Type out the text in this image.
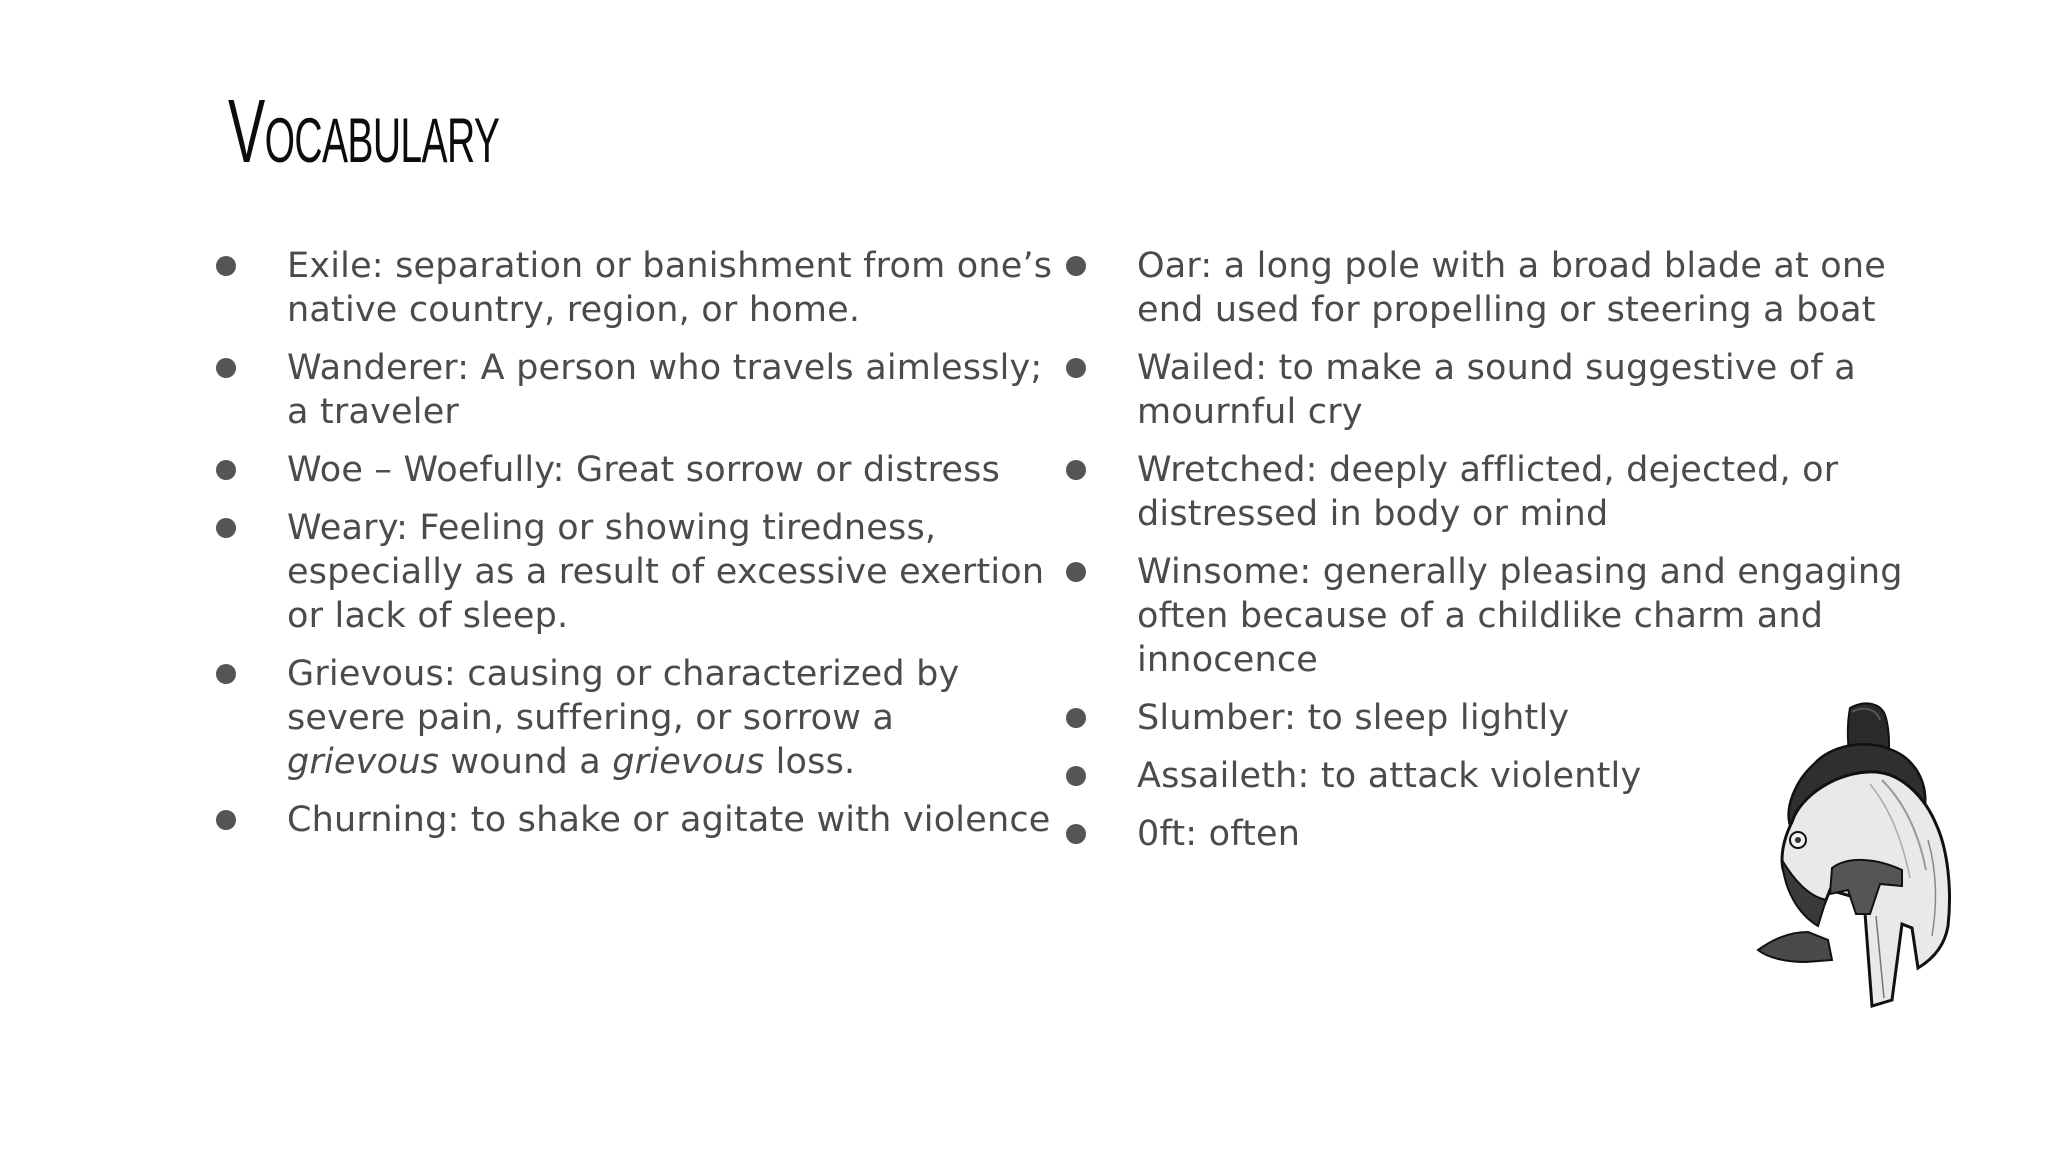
Vocabulary
Exile: separation or banishment from one’s native country, region, or home.
Wanderer: A person who travels aimlessly; a traveler
Woe – Woefully: Great sorrow or distress
Weary: Feeling or showing tiredness, especially as a result of excessive exertion or lack of sleep.
Grievous: causing or characterized by severe pain, suffering, or sorrow a grievous wound a grievous loss.
Churning: to shake or agitate with violence
Oar: a long pole with a broad blade at one end used for propelling or steering a boat
Wailed: to make a sound suggestive of a mournful cry
Wretched: deeply afflicted, dejected, or distressed in body or mind
Winsome: generally pleasing and engaging often because of a childlike charm and innocence
Slumber: to sleep lightly
Assaileth: to attack violently
0ft: often
